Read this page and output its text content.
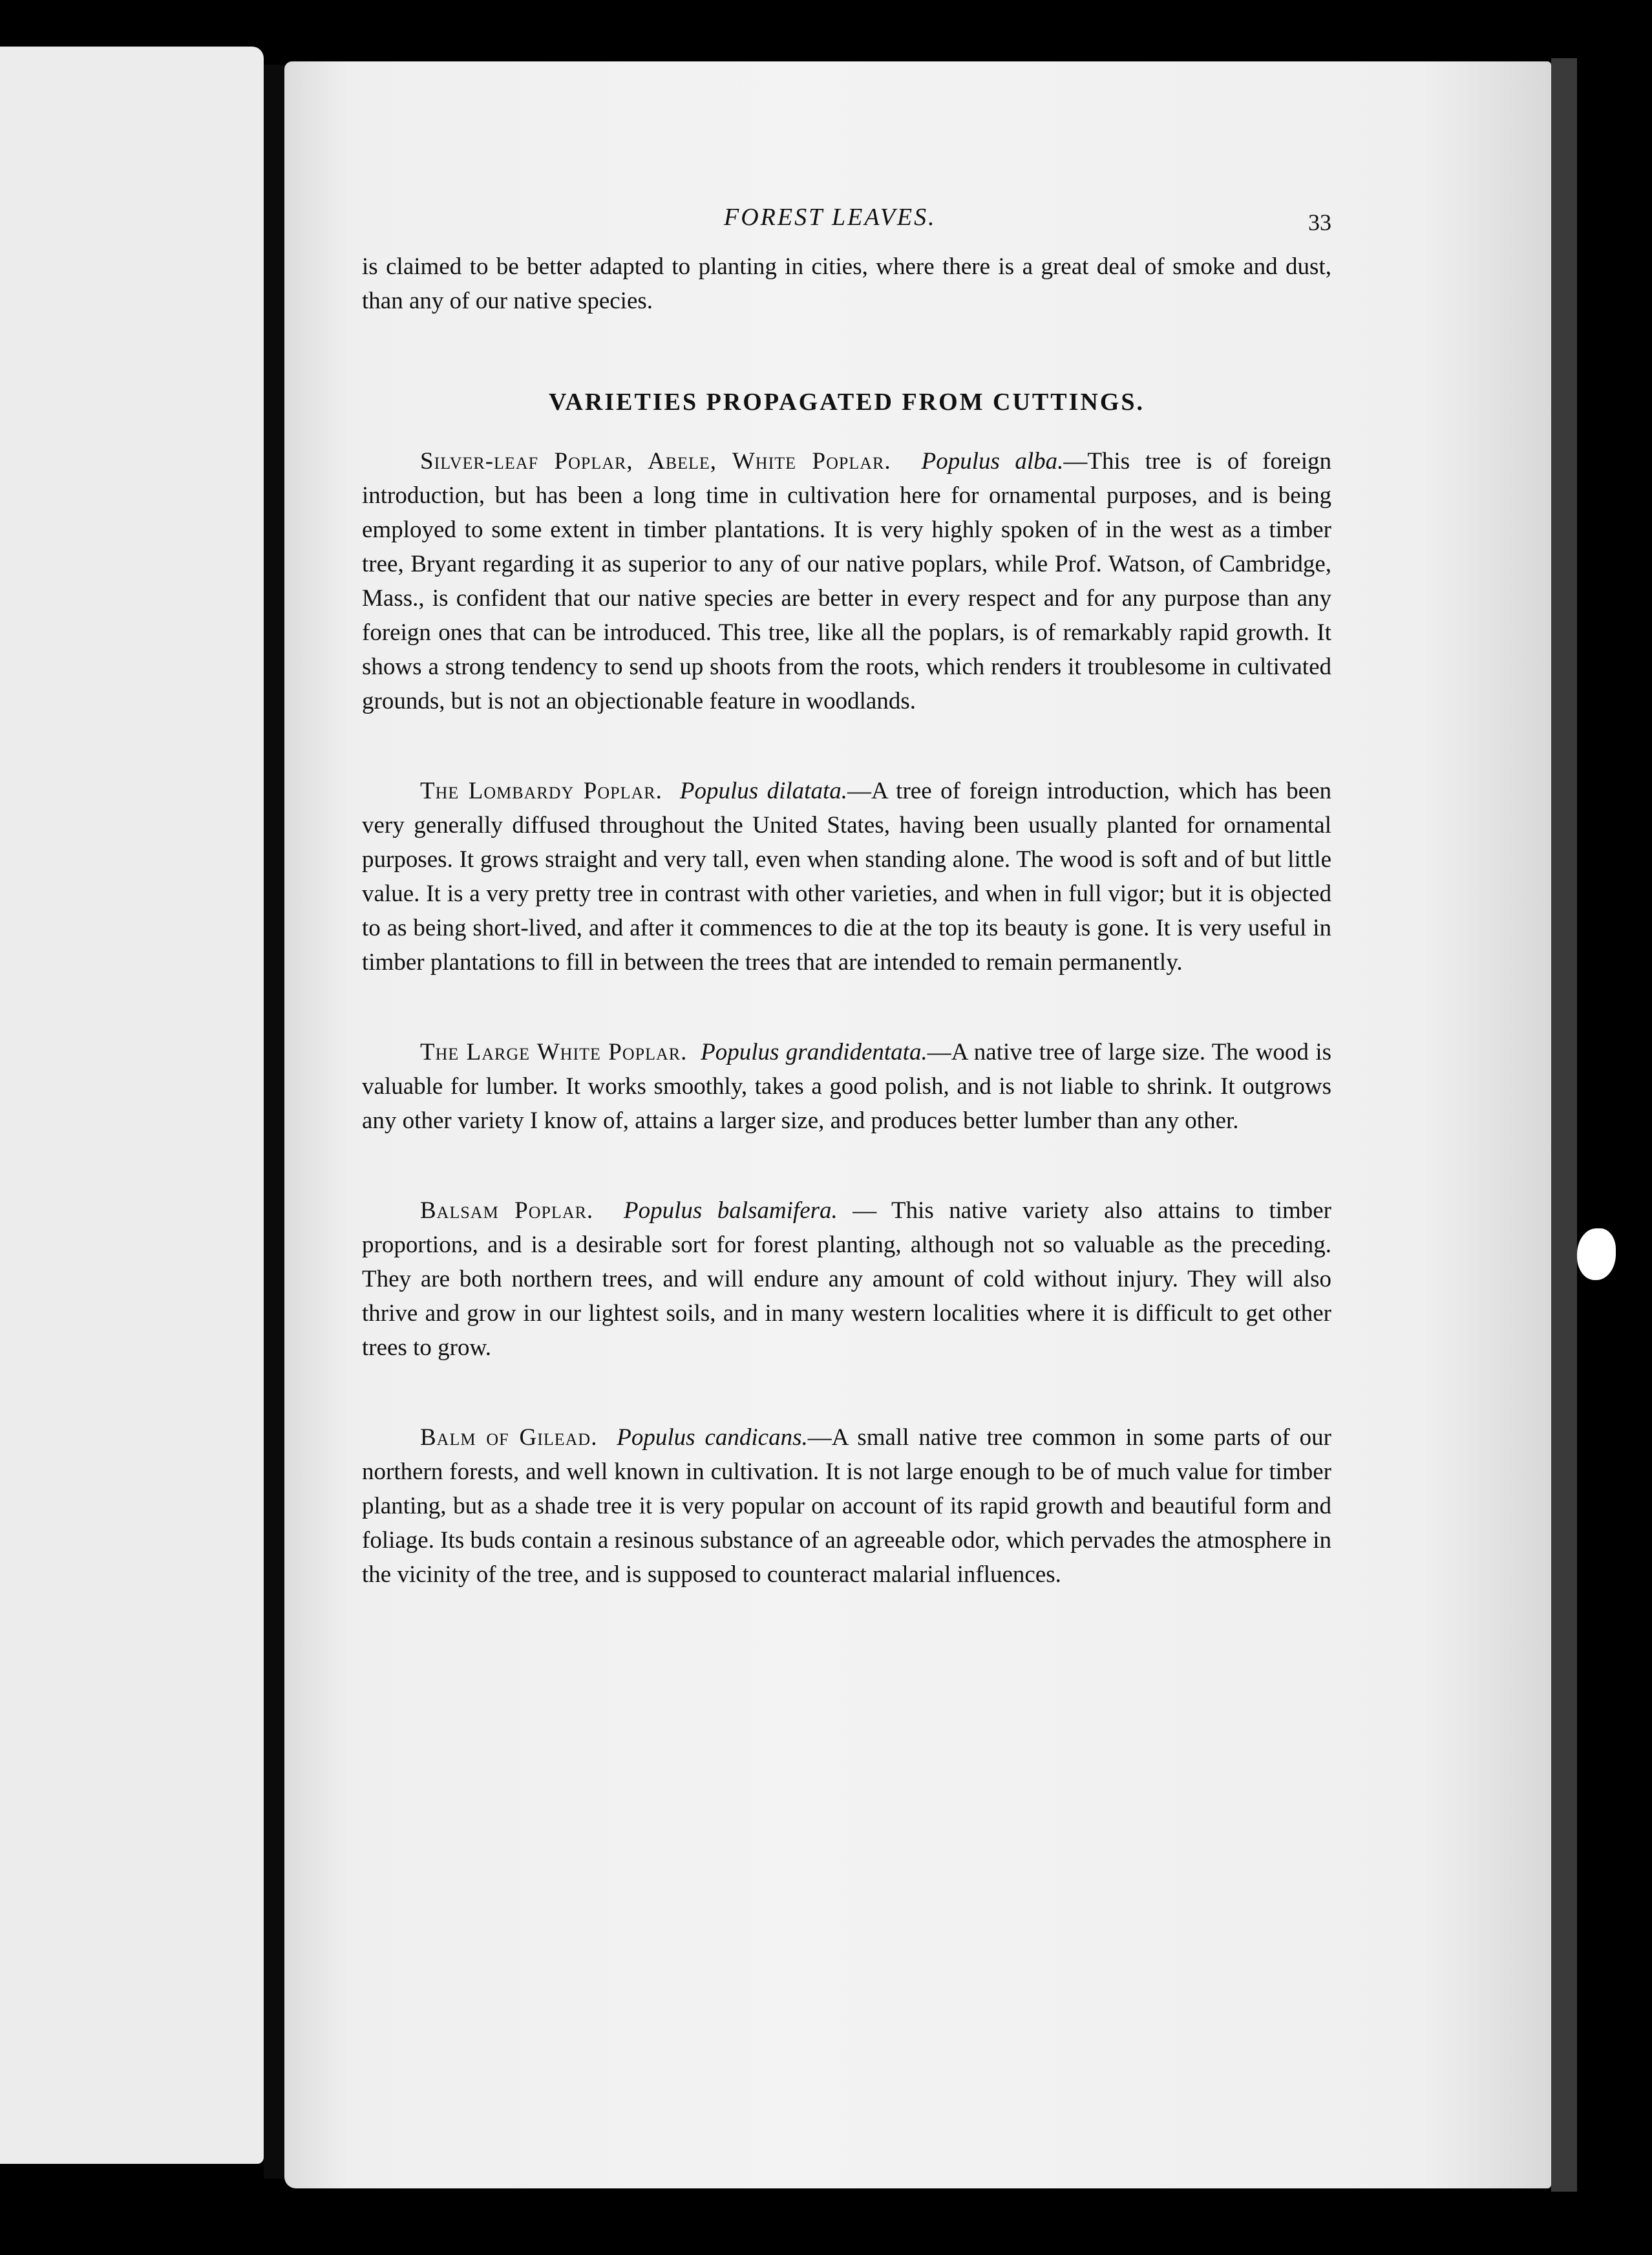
FOREST LEAVES.	33

is claimed to be better adapted to planting in cities, where there is a great deal of smoke and dust, than any of our native species.

VARIETIES PROPAGATED FROM CUTTINGS.

Silver-leaf Poplar, Abele, White Poplar. Populus alba.—This tree is of foreign introduction, but has been a long time in cultivation here for ornamental purposes, and is being employed to some extent in timber plantations. It is very highly spoken of in the west as a timber tree, Bryant regarding it as superior to any of our native poplars, while Prof. Watson, of Cambridge, Mass., is confident that our native species are better in every respect and for any purpose than any foreign ones that can be introduced. This tree, like all the poplars, is of remarkably rapid growth. It shows a strong tendency to send up shoots from the roots, which renders it troublesome in cultivated grounds, but is not an objectionable feature in woodlands.

The Lombardy Poplar. Populus dilatata.—A tree of foreign introduction, which has been very generally diffused throughout the United States, having been usually planted for ornamental purposes. It grows straight and very tall, even when standing alone. The wood is soft and of but little value. It is a very pretty tree in contrast with other varieties, and when in full vigor; but it is objected to as being short-lived, and after it commences to die at the top its beauty is gone. It is very useful in timber plantations to fill in between the trees that are intended to remain permanently.

The Large White Poplar. Populus grandidentata.—A native tree of large size. The wood is valuable for lumber. It works smoothly, takes a good polish, and is not liable to shrink. It outgrows any other variety I know of, attains a larger size, and produces better lumber than any other.

Balsam Poplar. Populus balsamifera. — This native variety also attains to timber proportions, and is a desirable sort for forest planting, although not so valuable as the preceding. They are both northern trees, and will endure any amount of cold without injury. They will also thrive and grow in our lightest soils, and in many western localities where it is difficult to get other trees to grow.

Balm of Gilead. Populus candicans.—A small native tree common in some parts of our northern forests, and well known in cultivation. It is not large enough to be of much value for timber planting, but as a shade tree it is very popular on account of its rapid growth and beautiful form and foliage. Its buds contain a resinous substance of an agreeable odor, which pervades the atmosphere in the vicinity of the tree, and is supposed to counteract malarial influences.
